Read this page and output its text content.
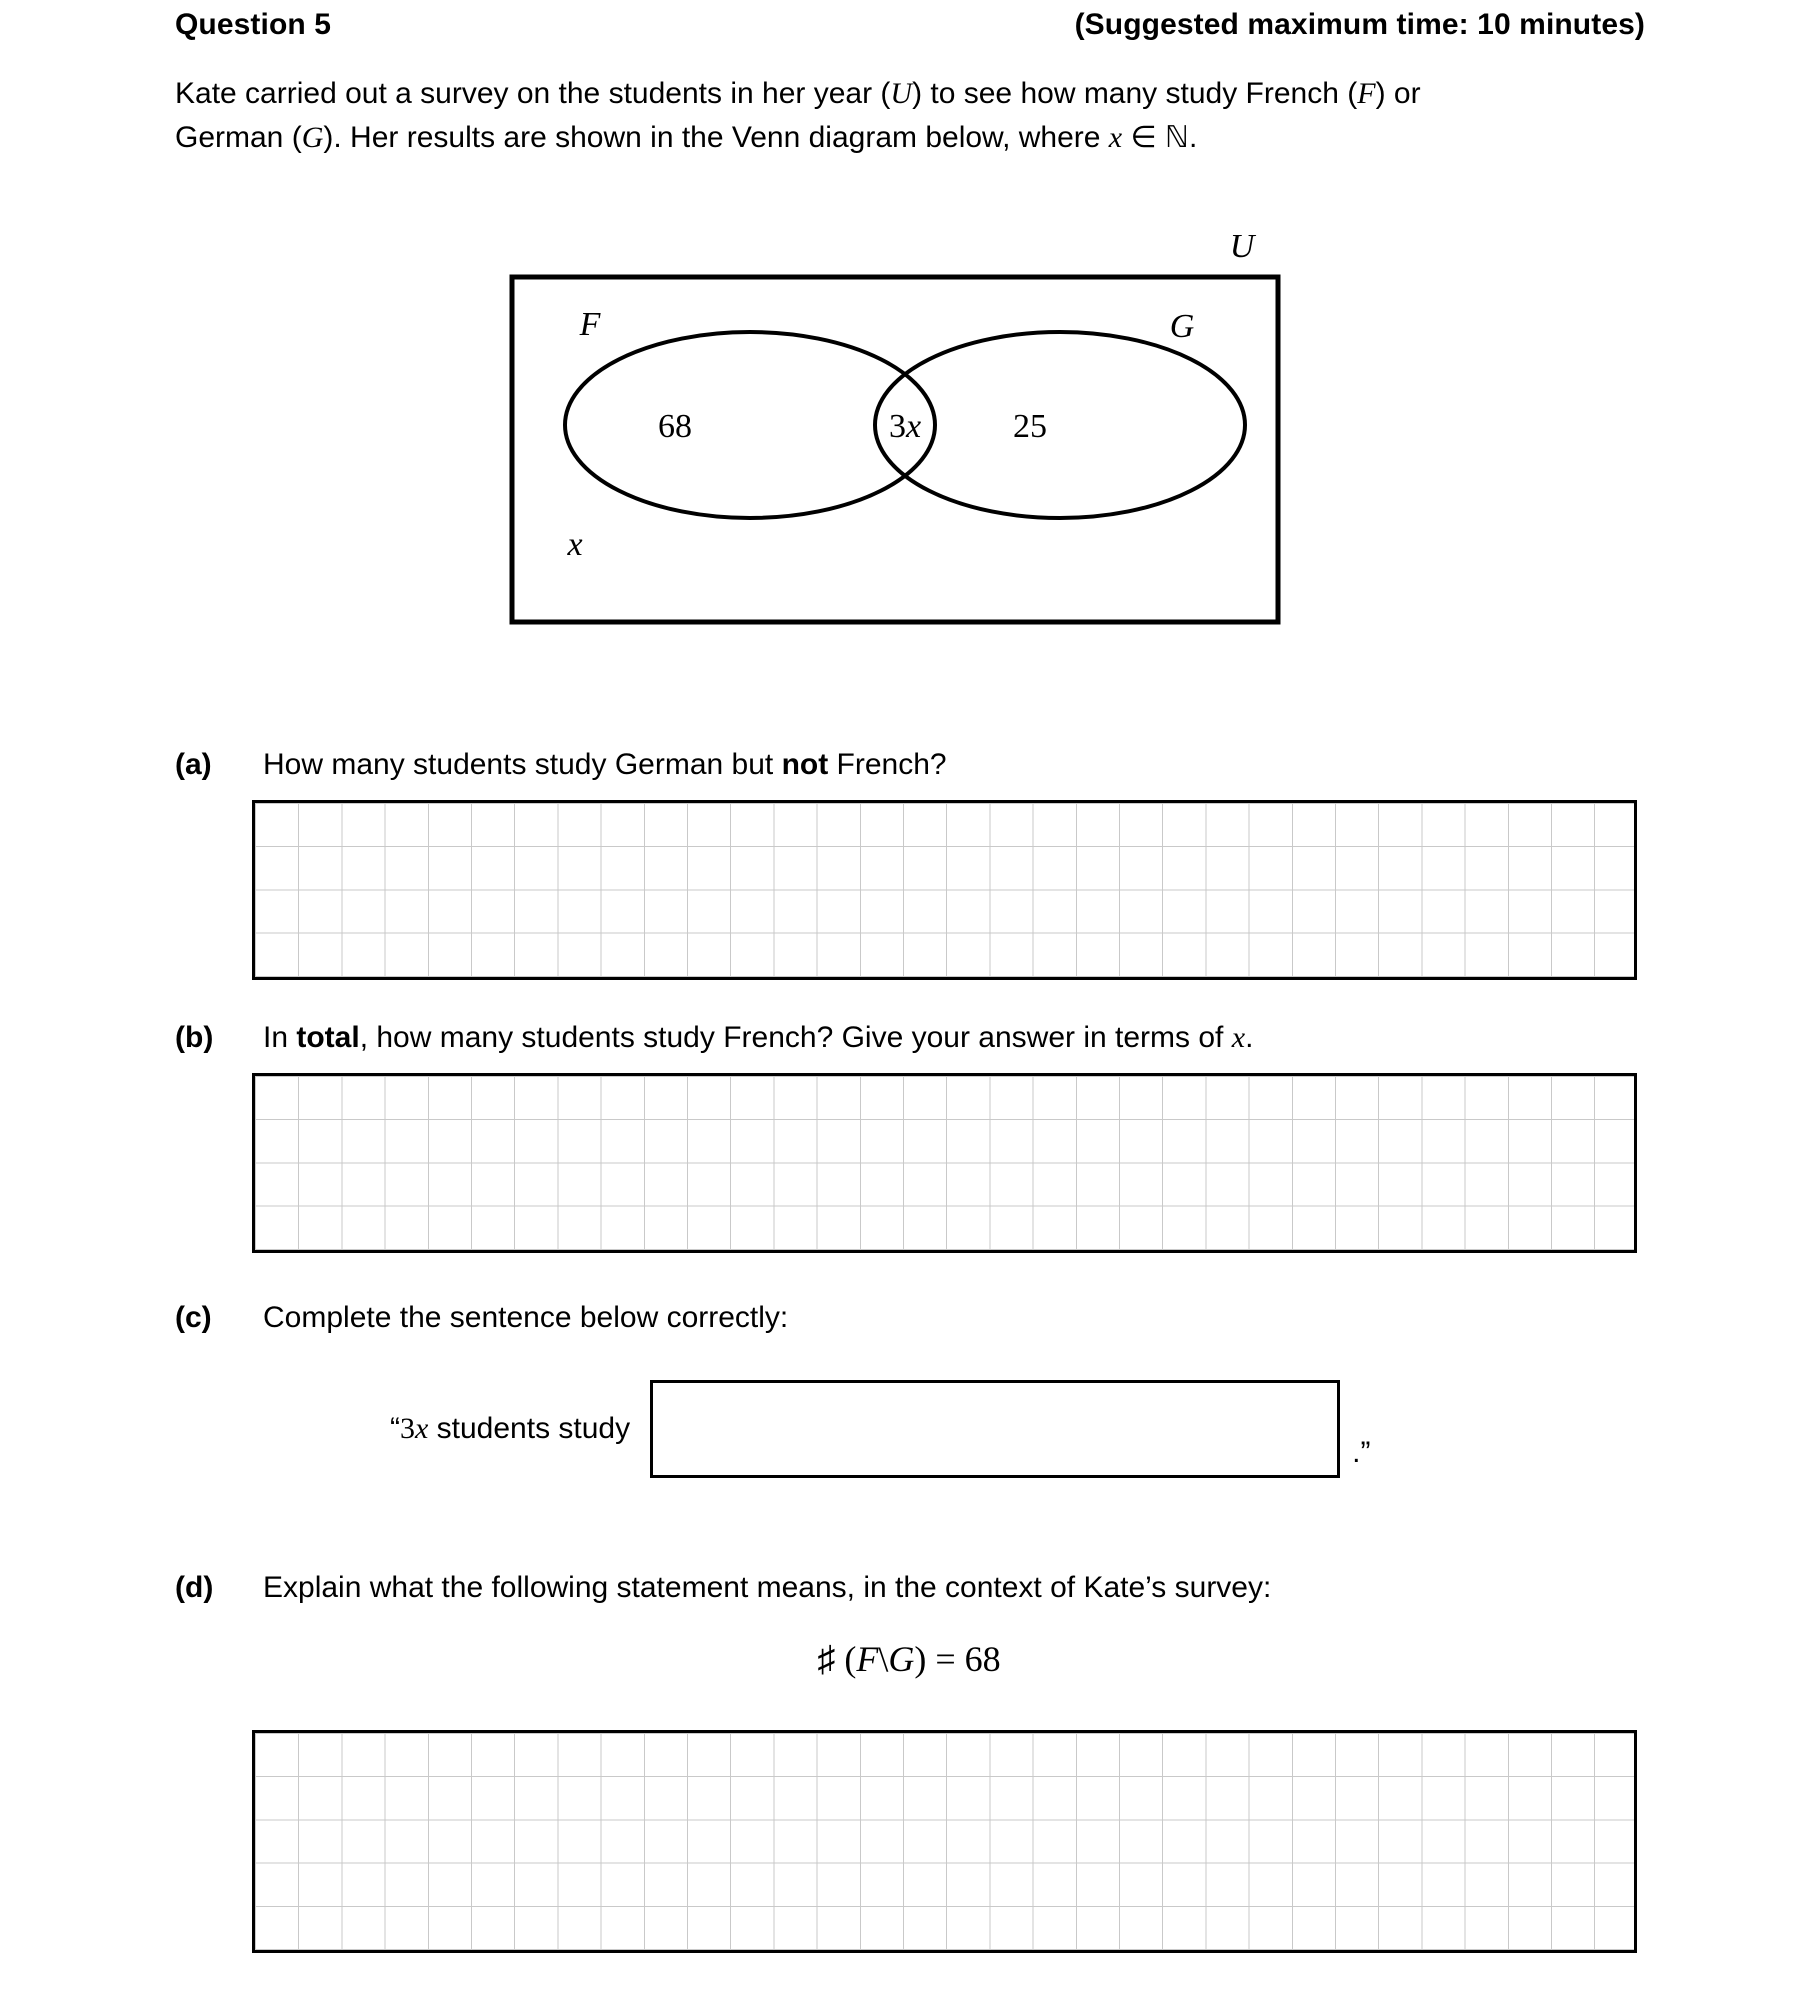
Question 5	(Suggested maximum time: 10 minutes)
Kate carried out a survey on the students in her year (U) to see how many study French (F) or
German (G). Her results are shown in the Venn diagram below, where x ∈ ℕ.
U
F	G
68	3x	25
x
(a)	How many students study German but not French?
(b)	In total, how many students study French? Give your answer in terms of x.
(c)	Complete the sentence below correctly:
“3x students study
.”
(d)	Explain what the following statement means, in the context of Kate’s survey:
♯ (F\G) = 68
